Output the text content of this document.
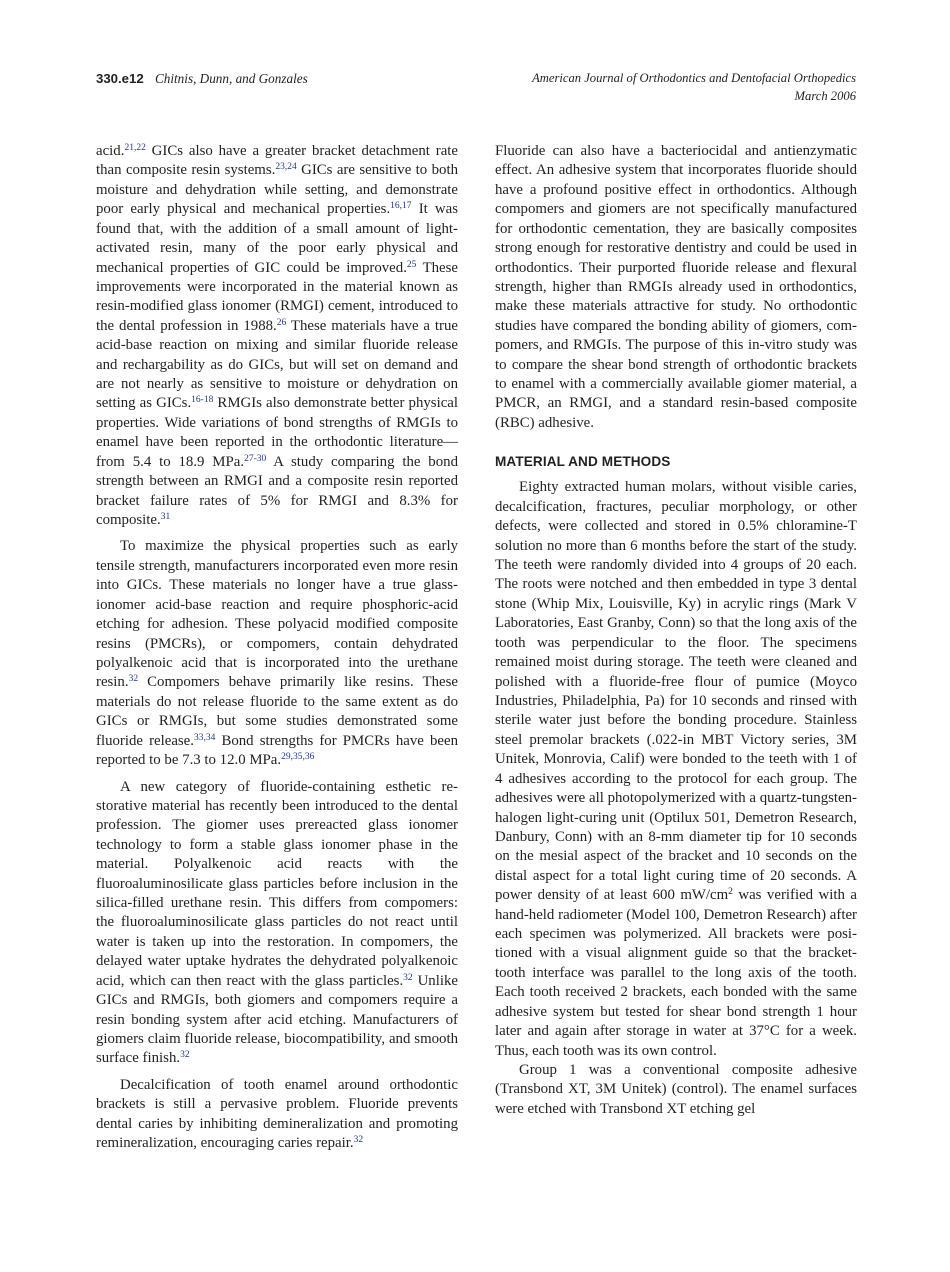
330.e12 Chitnis, Dunn, and Gonzales	American Journal of Orthodontics and Dentofacial Orthopedics
March 2006

acid.$^{21,22}$ GICs also have a greater bracket detachment rate than composite resin systems.$^{23,24}$ GICs are sensitive to both moisture and dehydration while setting, and demonstrate poor early physical and mechanical properties.$^{16,17}$ It was found that, with the addition of a small amount of light-activated resin, many of the poor early physical and mechanical properties of GIC could be improved.$^{25}$ These improvements were incorporated in the material known as resin-modified glass ionomer (RMGI) cement, introduced to the dental profession in 1988.26 These materials have a true acid-base reaction on mixing and similar fluoride release and rechargability as do GICs, but will set on demand and are not nearly as sensitive to moisture or dehydration on setting as GICs.$^{16-18}$ RMGIs also demonstrate better physical properties. Wide variations of bond strengths of RMGIs to enamel have been reported in the orthodontic literature—from 5.4 to 18.9 MPa.$^{27-30}$ A study comparing the bond strength between an RMGI and a composite resin reported bracket failure rates of 5% for RMGI and 8.3% for composite.$^{31}$

To maximize the physical properties such as early tensile strength, manufacturers incorporated even more resin into GICs. These materials no longer have a true glass-ionomer acid-base reaction and require phosphoric-acid etching for adhesion. These polyacid modified composite resins (PMCRs), or compomers, contain dehydrated polyalkenoic acid that is incorporated into the urethane resin.$^{32}$ Compomers behave primarily like resins. These materials do not release fluoride to the same extent as do GICs or RMGIs, but some studies demonstrated some fluoride release.$^{33,34}$ Bond strengths for PMCRs have been reported to be 7.3 to 12.0 MPa.$^{29,35,36}$

A new category of fluoride-containing esthetic restorative material has recently been introduced to the dental profession. The giomer uses prereacted glass ionomer technology to form a stable glass ionomer phase in the material. Polyalkenoic acid reacts with the fluoroaluminosilicate glass particles before inclusion in the silica-filled urethane resin. This differs from compomers: the fluoroaluminosilicate glass particles do not react until water is taken up into the restoration. In compomers, the delayed water uptake hydrates the dehydrated polyalkenoic acid, which can then react with the glass particles.$^{32}$ Unlike GICs and RMGIs, both giomers and compomers require a resin bonding system after acid etching. Manufacturers of giomers claim fluoride release, biocompatibility, and smooth surface finish.$^{32}$

Decalcification of tooth enamel around orthodontic brackets is still a pervasive problem. Fluoride prevents dental caries by inhibiting demineralization and promoting remineralization, encouraging caries repair.$^{32}$

Fluoride can also have a bacteriocidal and antienzymatic effect. An adhesive system that incorporates fluoride should have a profound positive effect in orthodontics. Although compomers and giomers are not specifically manufactured for orthodontic cementation, they are basically composites strong enough for restorative dentistry and could be used in orthodontics. Their purported fluoride release and flexural strength, higher than RMGIs already used in orthodontics, make these materials attractive for study. No orthodontic studies have compared the bonding ability of giomers, compomers, and RMGIs. The purpose of this in-vitro study was to compare the shear bond strength of orthodontic brackets to enamel with a commercially available giomer material, a PMCR, an RMGI, and a standard resin-based composite (RBC) adhesive.

MATERIAL AND METHODS

Eighty extracted human molars, without visible caries, decalcification, fractures, peculiar morphology, or other defects, were collected and stored in 0.5% chloramine-T solution no more than 6 months before the start of the study. The teeth were randomly divided into 4 groups of 20 each. The roots were notched and then embedded in type 3 dental stone (Whip Mix, Louisville, Ky) in acrylic rings (Mark V Laboratories, East Granby, Conn) so that the long axis of the tooth was perpendicular to the floor. The specimens remained moist during storage. The teeth were cleaned and polished with a fluoride-free flour of pumice (Moyco Industries, Philadelphia, Pa) for 10 seconds and rinsed with sterile water just before the bonding procedure. Stainless steel premolar brackets (.022-in MBT Victory series, 3M Unitek, Monrovia, Calif) were bonded to the teeth with 1 of 4 adhesives according to the protocol for each group. The adhesives were all photopolymerized with a quartz-tungsten-halogen light-curing unit (Optilux 501, Demetron Research, Danbury, Conn) with an 8-mm diameter tip for 10 seconds on the mesial aspect of the bracket and 10 seconds on the distal aspect for a total light curing time of 20 seconds. A power density of at least 600 $mW/cm^2$ was verified with a hand-held radiometer (Model 100, Demetron Research) after each specimen was polymerized. All brackets were positioned with a visual alignment guide so that the bracket-tooth interface was parallel to the long axis of the tooth. Each tooth received 2 brackets, each bonded with the same adhesive system but tested for shear bond strength 1 hour later and again after storage in water at 37°C for a week. Thus, each tooth was its own control.

Group 1 was a conventional composite adhesive (Transbond XT, 3M Unitek) (control). The enamel surfaces were etched with Transbond XT etching gel
